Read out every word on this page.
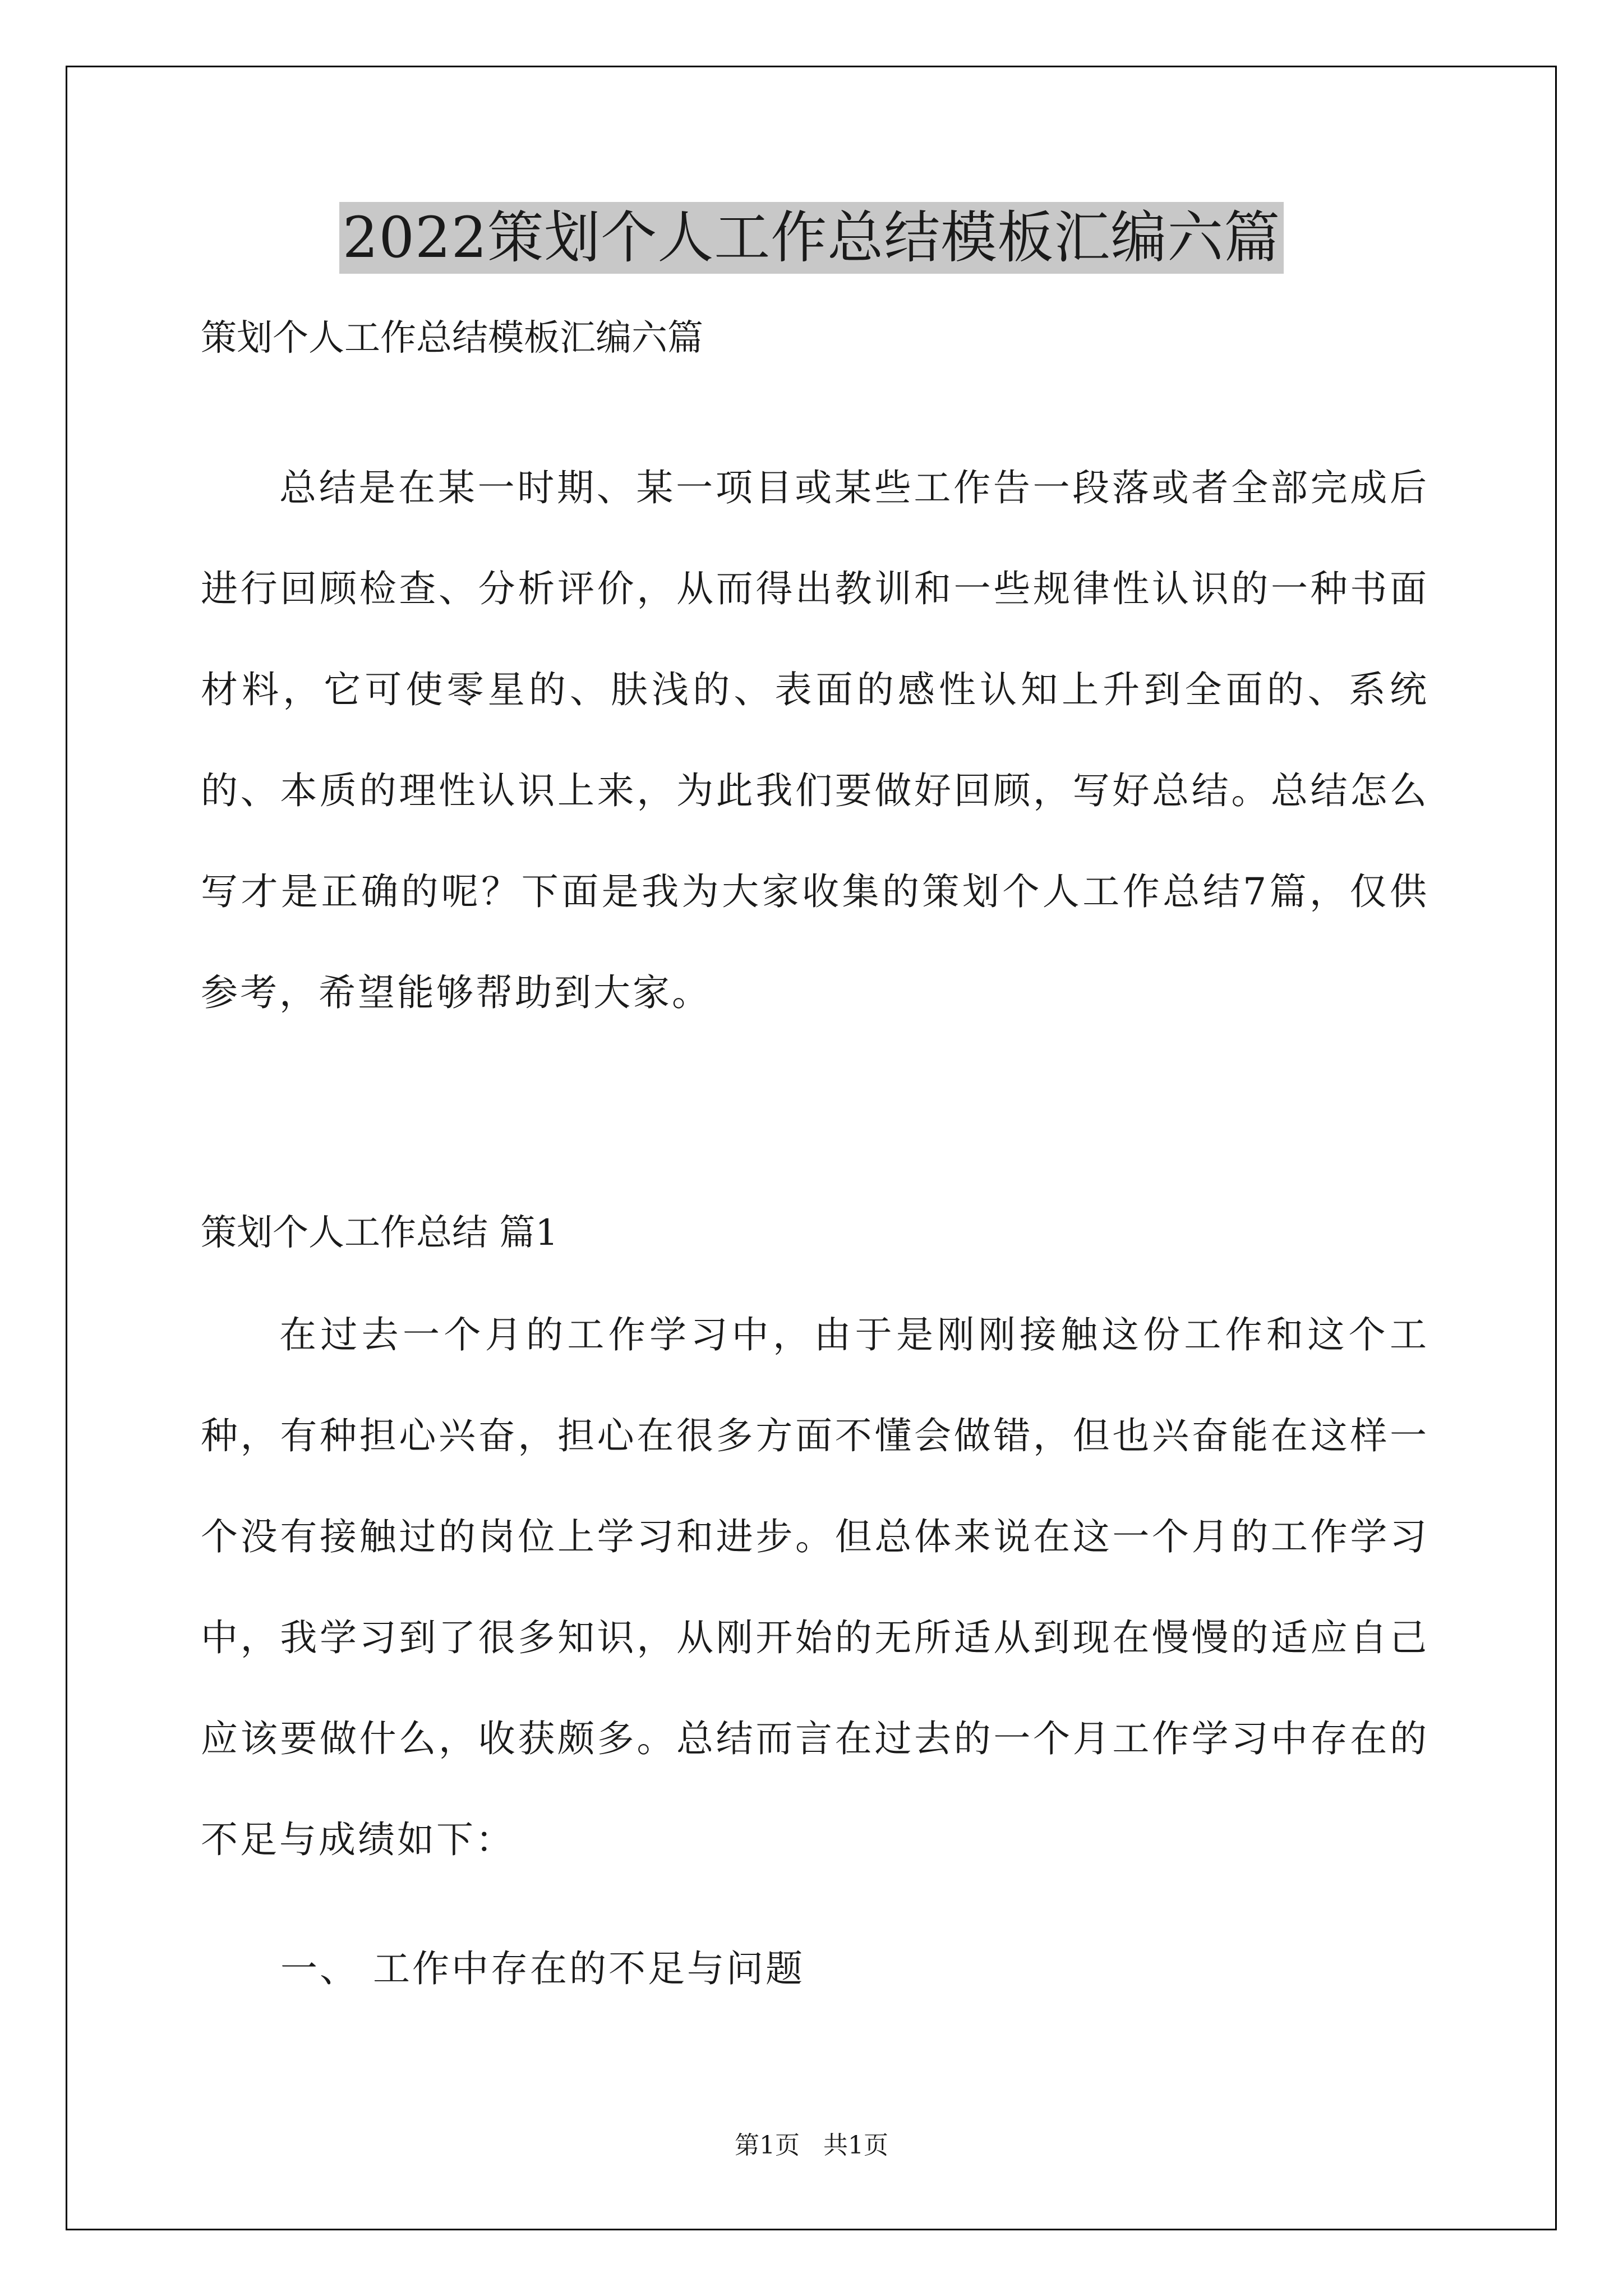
2022策划个人工作总结模板汇编六篇
策划个人工作总结模板汇编六篇

总结是在某一时期、某一项目或某些工作告一段落或者全部完成后进行回顾检查、分析评价，从而得出教训和一些规律性认识的一种书面材料，它可使零星的、肤浅的、表面的感性认知上升到全面的、系统的、本质的理性认识上来，为此我们要做好回顾，写好总结。总结怎么写才是正确的呢？下面是我为大家收集的策划个人工作总结7篇，仅供参考，希望能够帮助到大家。

策划个人工作总结 篇1

在过去一个月的工作学习中，由于是刚刚接触这份工作和这个工种，有种担心兴奋，担心在很多方面不懂会做错，但也兴奋能在这样一个没有接触过的岗位上学习和进步。但总体来说在这一个月的工作学习中，我学习到了很多知识，从刚开始的无所适从到现在慢慢的适应自己应该要做什么，收获颇多。总结而言在过去的一个月工作学习中存在的不足与成绩如下：

一、 工作中存在的不足与问题
第1页   共1页
